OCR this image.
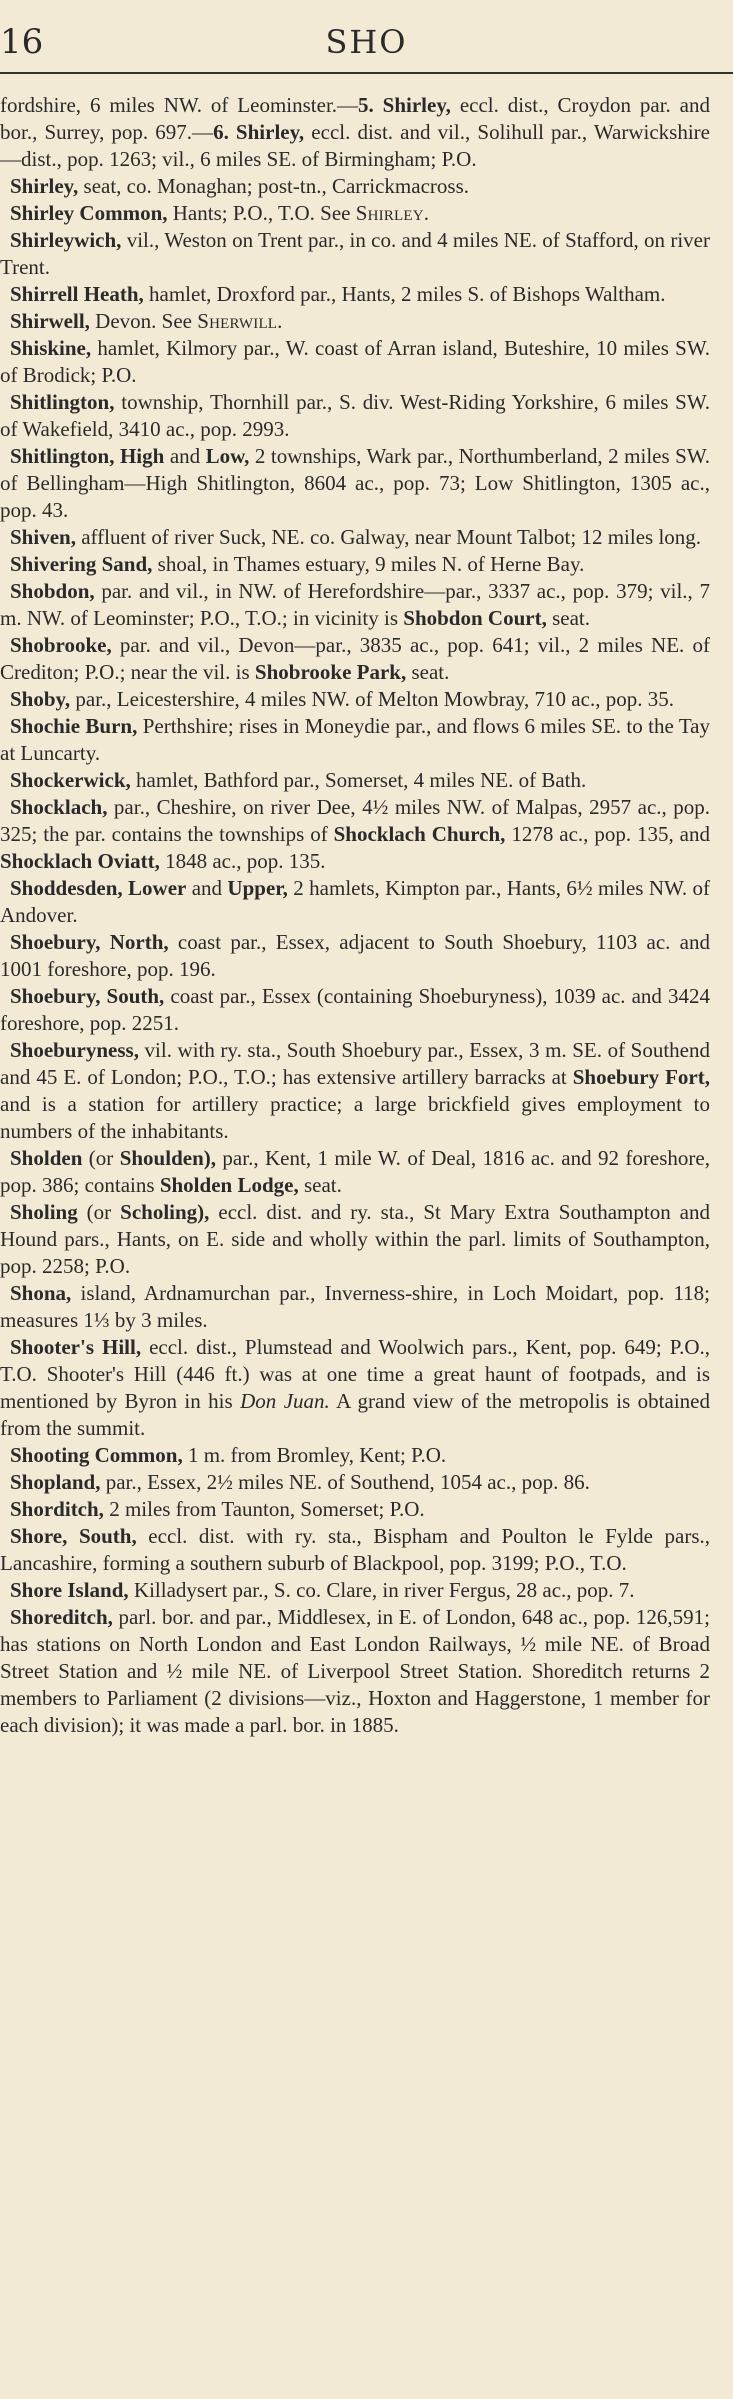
16	SHO

fordshire, 6 miles NW. of Leominster.—5. Shirley, eccl. dist., Croydon par. and bor., Surrey, pop. 697.—6. Shirley, eccl. dist. and vil., Solihull par., Warwickshire—dist., pop. 1263; vil., 6 miles SE. of Birmingham; P.O.

Shirley, seat, co. Monaghan; post-tn., Carrickmacross.

Shirley Common, Hants; P.O., T.O. See Shirley.

Shirleywich, vil., Weston on Trent par., in co. and 4 miles NE. of Stafford, on river Trent.

Shirrell Heath, hamlet, Droxford par., Hants, 2 miles S. of Bishops Waltham.

Shirwell, Devon. See Sherwill.

Shiskine, hamlet, Kilmory par., W. coast of Arran island, Buteshire, 10 miles SW. of Brodick; P.O.

Shitlington, township, Thornhill par., S. div. West-Riding Yorkshire, 6 miles SW. of Wakefield, 3410 ac., pop. 2993.

Shitlington, High and Low, 2 townships, Wark par., Northumberland, 2 miles SW. of Bellingham—High Shitlington, 8604 ac., pop. 73; Low Shitlington, 1305 ac., pop. 43.

Shiven, affluent of river Suck, NE. co. Galway, near Mount Talbot; 12 miles long.

Shivering Sand, shoal, in Thames estuary, 9 miles N. of Herne Bay.

Shobdon, par. and vil., in NW. of Herefordshire—par., 3337 ac., pop. 379; vil., 7 m. NW. of Leominster; P.O., T.O.; in vicinity is Shobdon Court, seat.

Shobrooke, par. and vil., Devon—par., 3835 ac., pop. 641; vil., 2 miles NE. of Crediton; P.O.; near the vil. is Shobrooke Park, seat.

Shoby, par., Leicestershire, 4 miles NW. of Melton Mowbray, 710 ac., pop. 35.

Shochie Burn, Perthshire; rises in Moneydie par., and flows 6 miles SE. to the Tay at Luncarty.

Shockerwick, hamlet, Bathford par., Somerset, 4 miles NE. of Bath.

Shocklach, par., Cheshire, on river Dee, 4½ miles NW. of Malpas, 2957 ac., pop. 325; the par. contains the townships of Shocklach Church, 1278 ac., pop. 135, and Shocklach Oviatt, 1848 ac., pop. 135.

Shoddesden, Lower and Upper, 2 hamlets, Kimpton par., Hants, 6½ miles NW. of Andover.

Shoebury, North, coast par., Essex, adjacent to South Shoebury, 1103 ac. and 1001 foreshore, pop. 196.

Shoebury, South, coast par., Essex (containing Shoeburyness), 1039 ac. and 3424 foreshore, pop. 2251.

Shoeburyness, vil. with ry. sta., South Shoebury par., Essex, 3 m. SE. of Southend and 45 E. of London; P.O., T.O.; has extensive artillery barracks at Shoebury Fort, and is a station for artillery practice; a large brickfield gives employment to numbers of the inhabitants.

Sholden (or Shoulden), par., Kent, 1 mile W. of Deal, 1816 ac. and 92 foreshore, pop. 386; contains Sholden Lodge, seat.

Sholing (or Scholing), eccl. dist. and ry. sta., St Mary Extra Southampton and Hound pars., Hants, on E. side and wholly within the parl. limits of Southampton, pop. 2258; P.O.

Shona, island, Ardnamurchan par., Inverness-shire, in Loch Moidart, pop. 118; measures 1⅓ by 3 miles.

Shooter's Hill, eccl. dist., Plumstead and Woolwich pars., Kent, pop. 649; P.O., T.O. Shooter's Hill (446 ft.) was at one time a great haunt of footpads, and is mentioned by Byron in his Don Juan. A grand view of the metropolis is obtained from the summit.

Shooting Common, 1 m. from Bromley, Kent; P.O.

Shopland, par., Essex, 2½ miles NE. of Southend, 1054 ac., pop. 86.

Shorditch, 2 miles from Taunton, Somerset; P.O.

Shore, South, eccl. dist. with ry. sta., Bispham and Poulton le Fylde pars., Lancashire, forming a southern suburb of Blackpool, pop. 3199; P.O., T.O.

Shore Island, Killadysert par., S. co. Clare, in river Fergus, 28 ac., pop. 7.

Shoreditch, parl. bor. and par., Middlesex, in E. of London, 648 ac., pop. 126,591; has stations on North London and East London Railways, ½ mile NE. of Broad Street Station and ½ mile NE. of Liverpool Street Station. Shoreditch returns 2 members to Parliament (2 divisions—viz., Hoxton and Haggerstone, 1 member for each division); it was made a parl. bor. in 1885.
